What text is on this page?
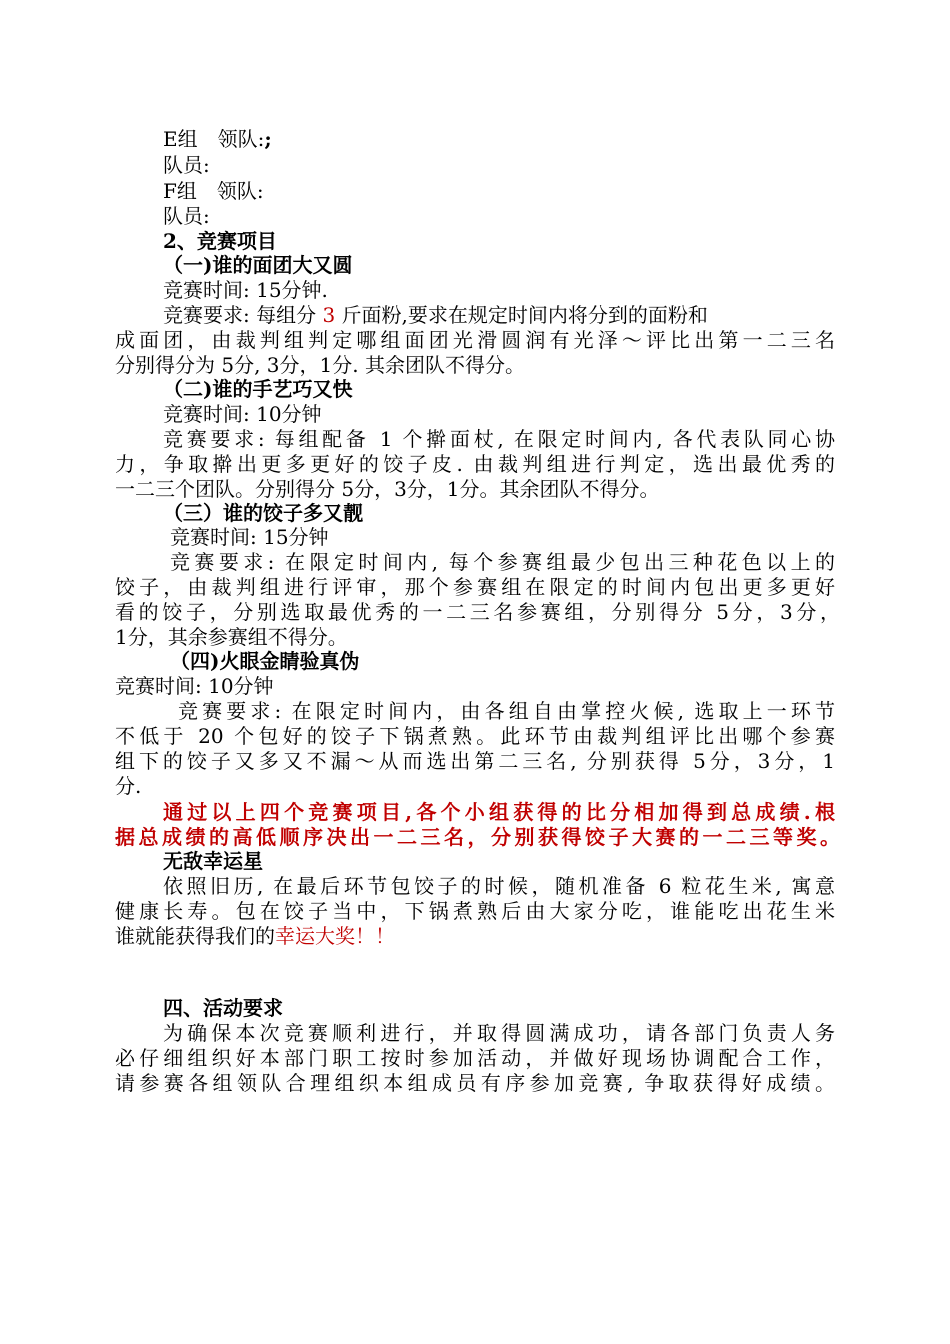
E组　领队:;
队员:
F组　领队:
队员:
2、竞赛项目
（一)谁的面团大又圆
竞赛时间: 15分钟.
竞赛要求: 每组分 3 斤面粉,要求在规定时间内将分到的面粉和
成面团，由裁判组判定哪组面团光滑圆润有光泽～评比出第一二三名
分别得分为 5分, 3分，1分. 其余团队不得分。
（二)谁的手艺巧又快
竞赛时间: 10分钟
竞赛要求: 每组配备 1 个擀面杖, 在限定时间内, 各代表队同心协
力，争取擀出更多更好的饺子皮. 由裁判组进行判定，选出最优秀的
一二三个团队。分别得分 5分，3分，1分。其余团队不得分。
（三）谁的饺子多又靓
竞赛时间: 15分钟
竞赛要求: 在限定时间内, 每个参赛组最少包出三种花色以上的
饺子，由裁判组进行评审，那个参赛组在限定的时间内包出更多更好
看的饺子，分别选取最优秀的一二三名参赛组，分别得分 5分，3分，
1分，其余参赛组不得分。
（四)火眼金睛验真伪
竞赛时间: 10分钟
竞赛要求: 在限定时间内，由各组自由掌控火候, 选取上一环节
不低于 20 个包好的饺子下锅煮熟。此环节由裁判组评比出哪个参赛
组下的饺子又多又不漏～从而选出第二三名, 分别获得 5分，3分，1
分.
通过以上四个竞赛项目,各个小组获得的比分相加得到总成绩.根
据总成绩的高低顺序决出一二三名，分别获得饺子大赛的一二三等奖。
无敌幸运星
依照旧历, 在最后环节包饺子的时候，随机准备 6 粒花生米, 寓意
健康长寿。包在饺子当中，下锅煮熟后由大家分吃，谁能吃出花生米
谁就能获得我们的幸运大奖！！
四、活动要求
为确保本次竞赛顺利进行，并取得圆满成功，请各部门负责人务
必仔细组织好本部门职工按时参加活动，并做好现场协调配合工作，
请参赛各组领队合理组织本组成员有序参加竞赛, 争取获得好成绩。
